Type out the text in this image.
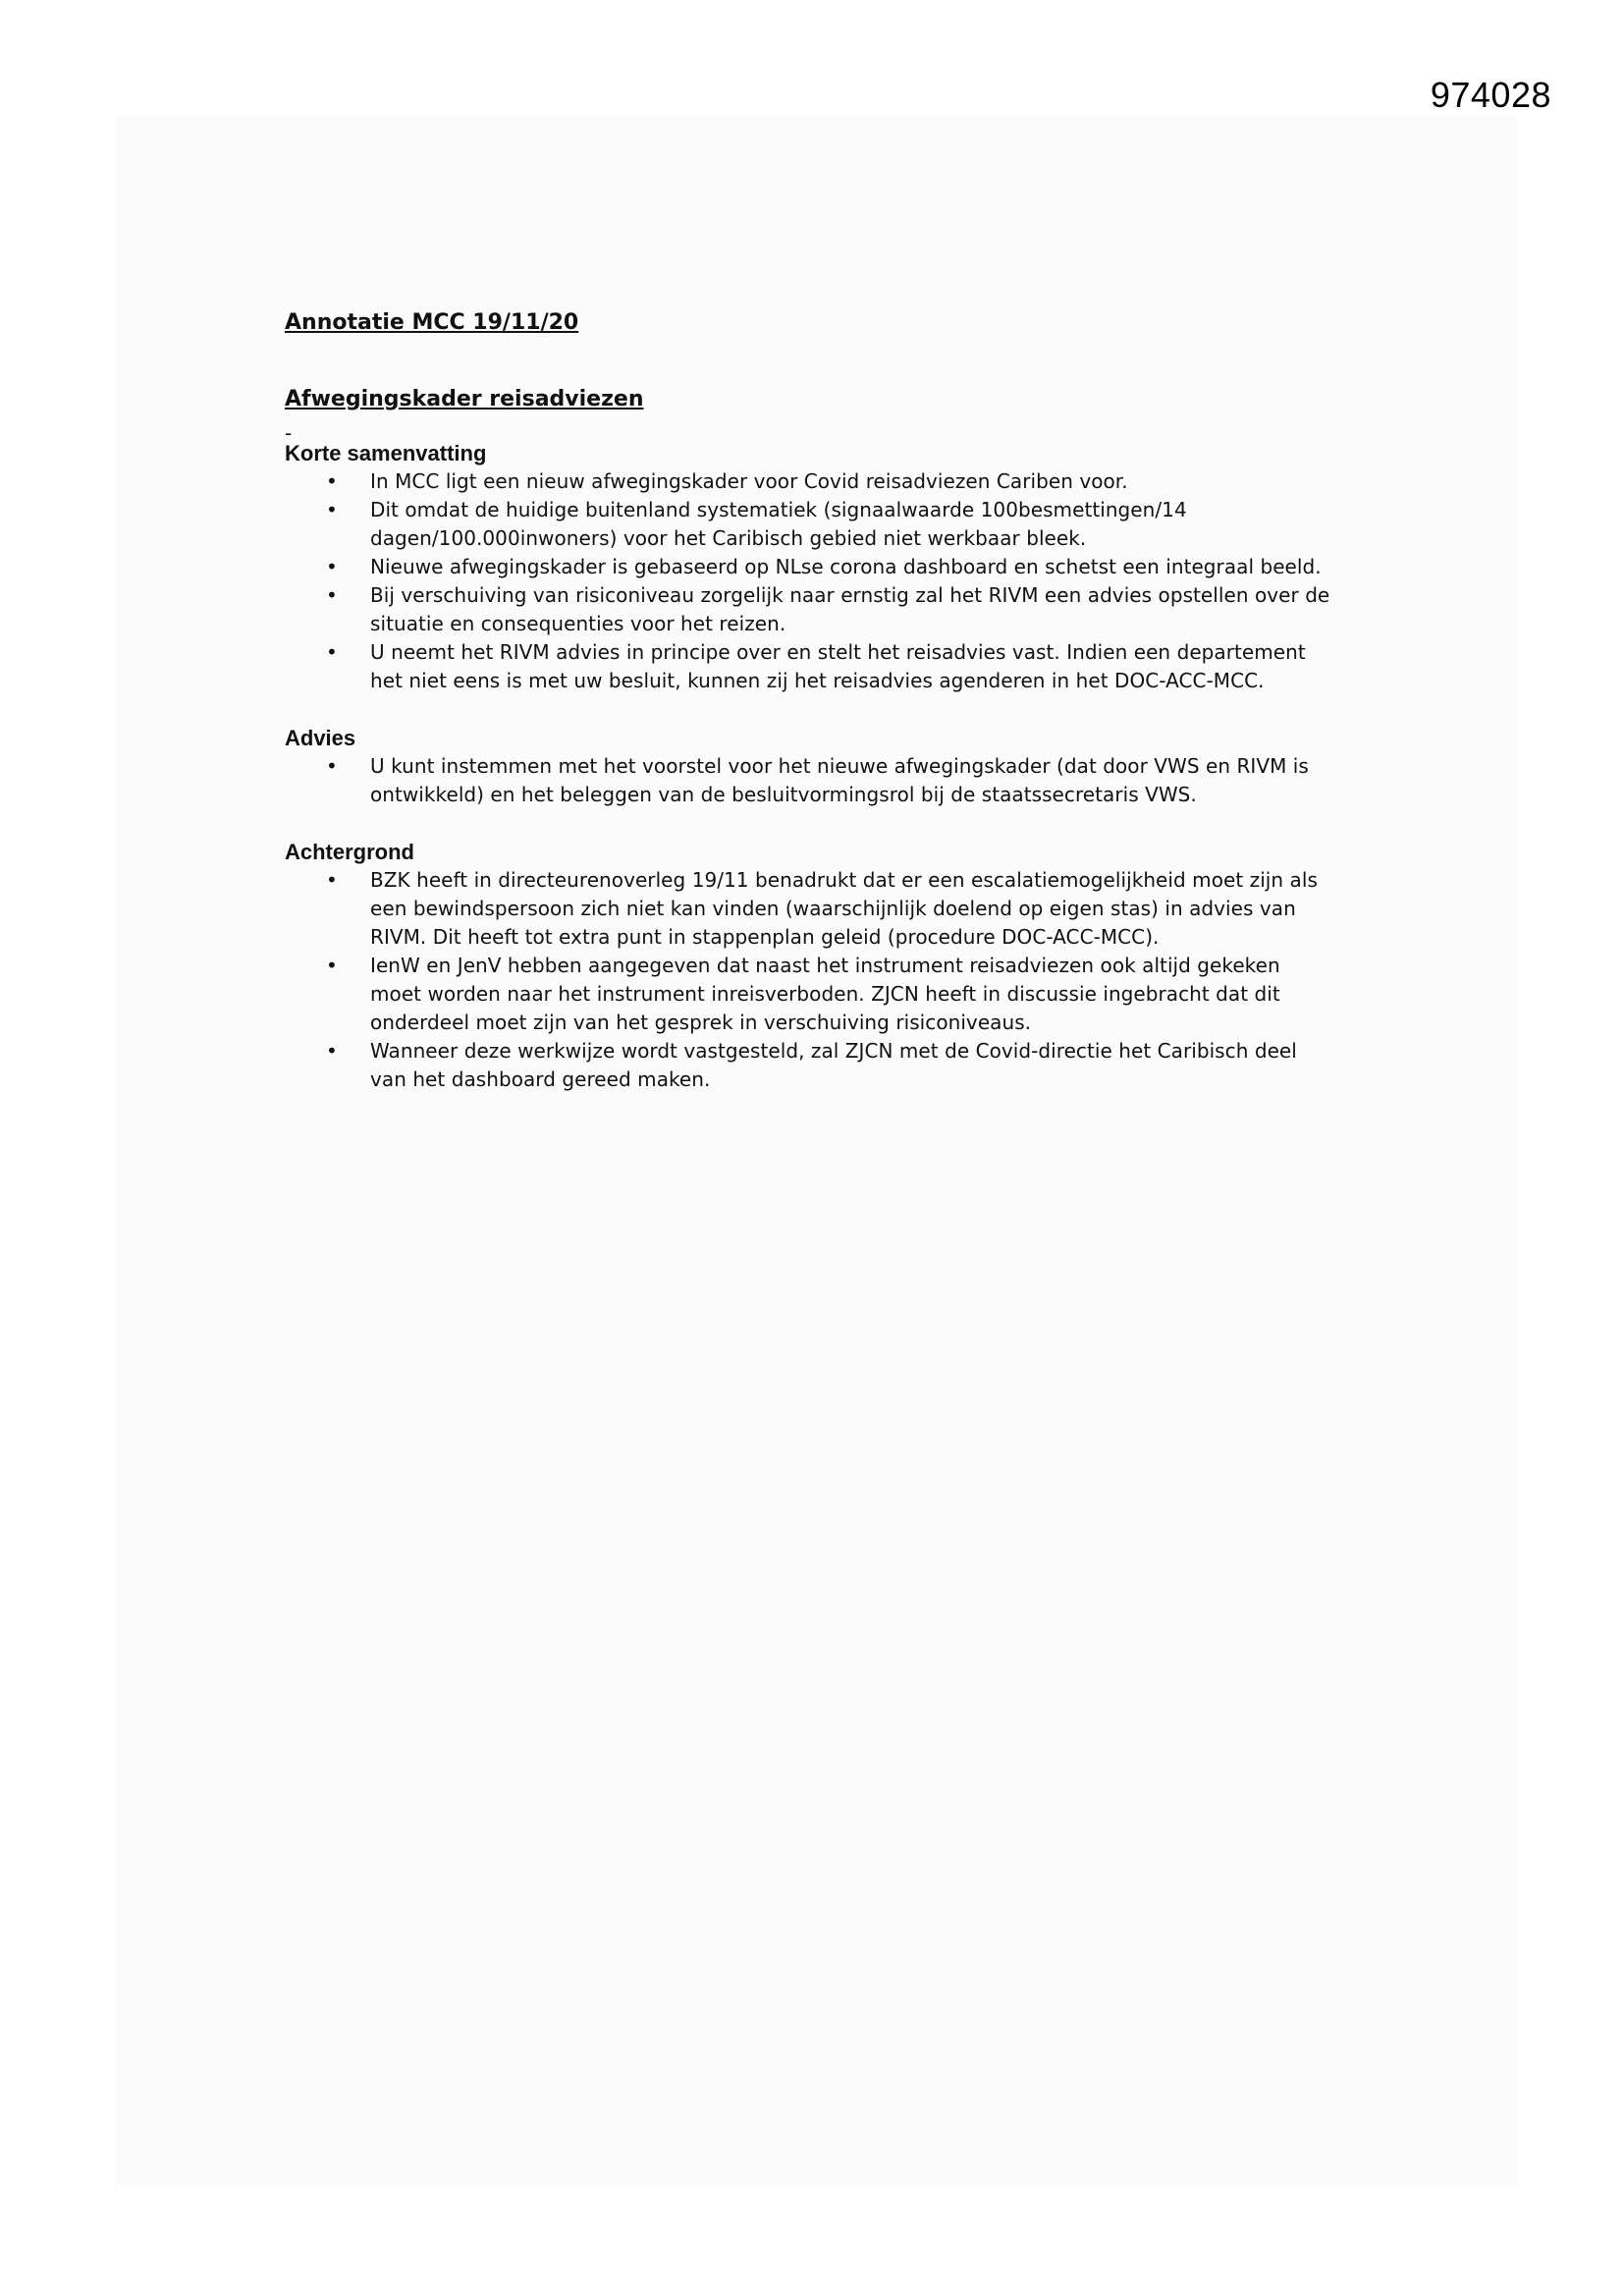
974028

Annotatie MCC 19/11/20

Afwegingskader reisadviezen

-

Korte samenvatting

• In MCC ligt een nieuw afwegingskader voor Covid reisadviezen Cariben voor.
• Dit omdat de huidige buitenland systematiek (signaalwaarde 100besmettingen/14 dagen/100.000inwoners) voor het Caribisch gebied niet werkbaar bleek.
• Nieuwe afwegingskader is gebaseerd op NLse corona dashboard en schetst een integraal beeld.
• Bij verschuiving van risiconiveau zorgelijk naar ernstig zal het RIVM een advies opstellen over de situatie en consequenties voor het reizen.
• U neemt het RIVM advies in principe over en stelt het reisadvies vast. Indien een departement het niet eens is met uw besluit, kunnen zij het reisadvies agenderen in het DOC-ACC-MCC.

Advies

• U kunt instemmen met het voorstel voor het nieuwe afwegingskader (dat door VWS en RIVM is ontwikkeld) en het beleggen van de besluitvormingsrol bij de staatssecretaris VWS.

Achtergrond

• BZK heeft in directeurenoverleg 19/11 benadrukt dat er een escalatiemogelijkheid moet zijn als een bewindspersoon zich niet kan vinden (waarschijnlijk doelend op eigen stas) in advies van RIVM. Dit heeft tot extra punt in stappenplan geleid (procedure DOC-ACC-MCC).
• IenW en JenV hebben aangegeven dat naast het instrument reisadviezen ook altijd gekeken moet worden naar het instrument inreisverboden. ZJCN heeft in discussie ingebracht dat dit onderdeel moet zijn van het gesprek in verschuiving risiconiveaus.
• Wanneer deze werkwijze wordt vastgesteld, zal ZJCN met de Covid-directie het Caribisch deel van het dashboard gereed maken.
